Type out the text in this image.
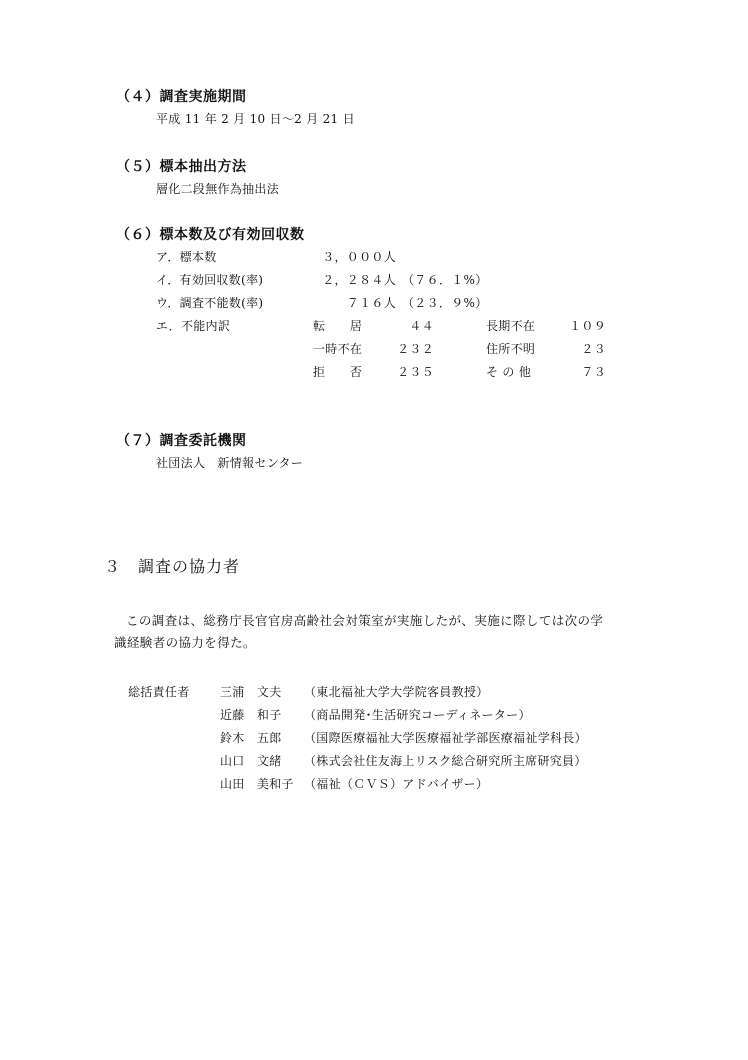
（４）調査実施期間
平成 11 年 2 月 10 日～2 月 21 日
（５）標本抽出方法
層化二段無作為抽出法
（６）標本数及び有効回収数
ア．標本数	３，０００人
イ．有効回収数(率)	２，２８４人 （７６．１%）
ウ．調査不能数(率)	７１６人 （２３．９%）
エ．不能内訳	転　　居	４４	長期不在	１０９
一時不在	２３２	住所不明	２３
拒　　否	２３５	そ の 他	７３
（７）調査委託機関
社団法人　新情報センター
３　調査の協力者
この調査は、総務庁長官官房高齢社会対策室が実施したが、実施に際しては次の学
識経験者の協力を得た。
総括責任者	三浦　文夫 （東北福祉大学大学院客員教授）
近藤　和子 （商品開発･生活研究コーディネーター）
鈴木　五郎 （国際医療福祉大学医療福祉学部医療福祉学科長）
山口　文緒 （株式会社住友海上リスク総合研究所主席研究員）
山田　美和子 （福祉（ＣＶＳ）アドバイザー）
